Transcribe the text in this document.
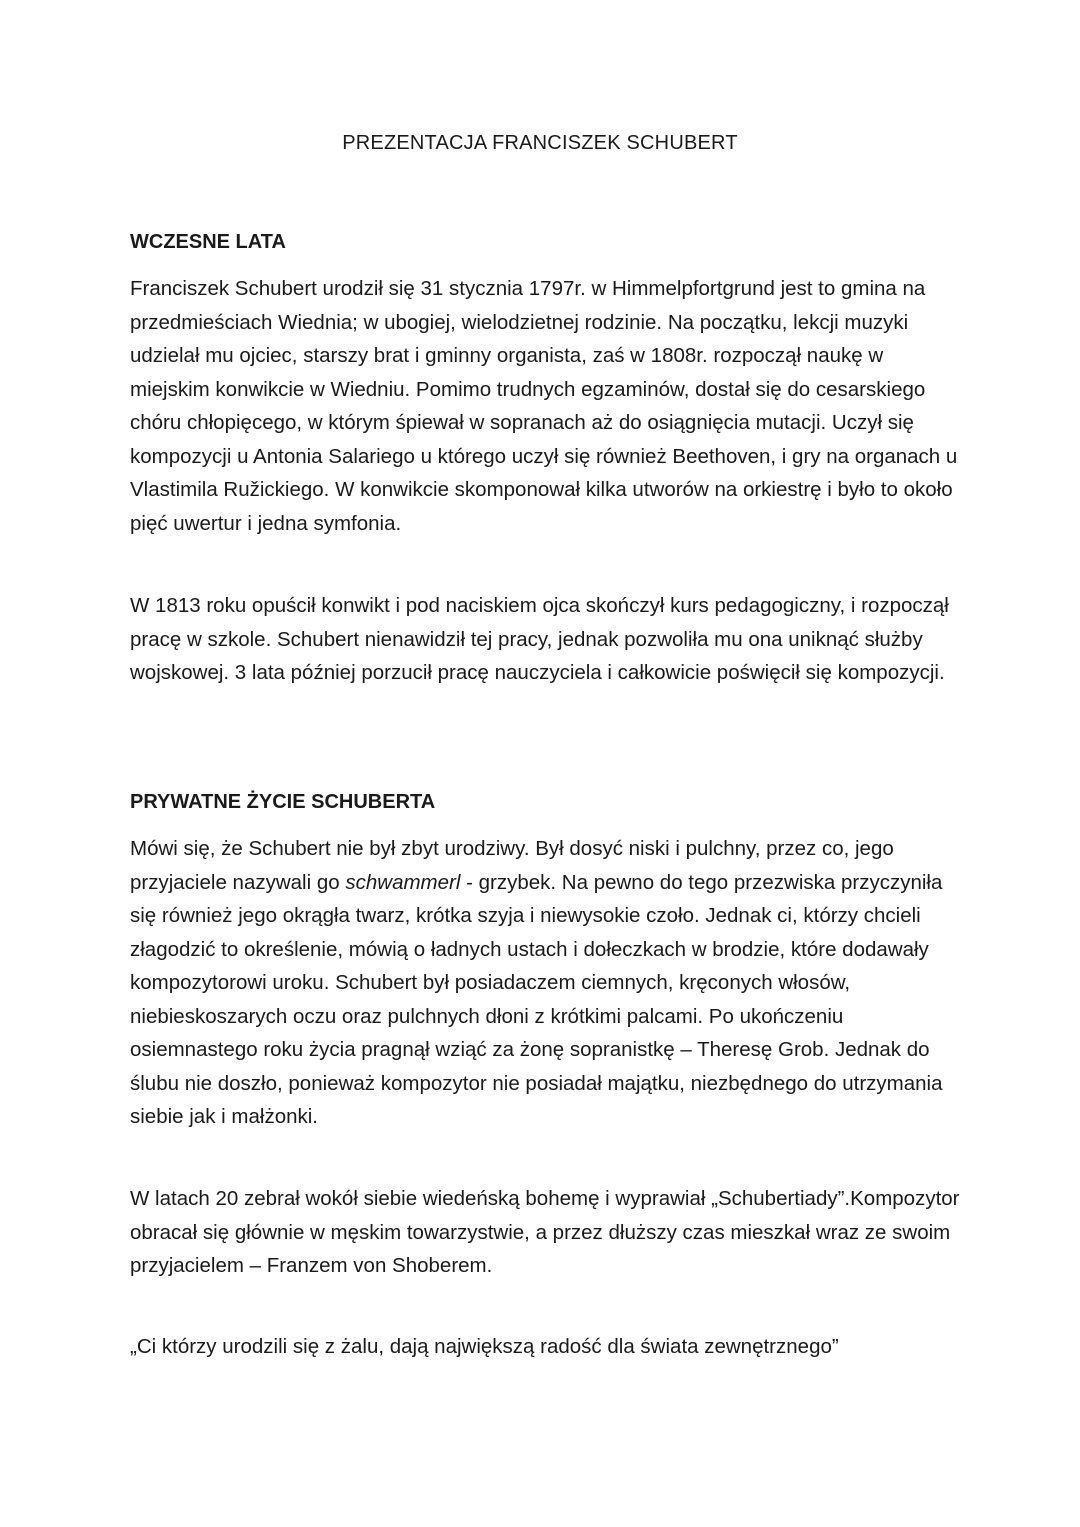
PREZENTACJA FRANCISZEK SCHUBERT
WCZESNE LATA

Franciszek Schubert urodził się 31 stycznia 1797r. w Himmelpfortgrund jest to gmina na przedmieściach Wiednia; w ubogiej, wielodzietnej rodzinie. Na początku, lekcji muzyki udzielał mu ojciec, starszy brat i gminny organista, zaś w 1808r. rozpoczął naukę w miejskim konwikcie w Wiedniu. Pomimo trudnych egzaminów, dostał się do cesarskiego chóru chłopięcego, w którym śpiewał w sopranach aż do osiągnięcia mutacji. Uczył się kompozycji u Antonia Salariego u którego uczył się również Beethoven, i gry na organach u Vlastimila Ružickiego. W konwikcie skomponował kilka utworów na orkiestrę i było to około pięć uwertur i jedna symfonia.

W 1813 roku opuścił konwikt i pod naciskiem ojca skończył kurs pedagogiczny, i rozpoczął pracę w szkole. Schubert nienawidził tej pracy, jednak pozwoliła mu ona uniknąć służby wojskowej. 3 lata później porzucił pracę nauczyciela i całkowicie poświęcił się kompozycji.

PRYWATNE ŻYCIE SCHUBERTA

Mówi się, że Schubert nie był zbyt urodziwy. Był dosyć niski i pulchny, przez co, jego przyjaciele nazywali go schwammerl - grzybek. Na pewno do tego przezwiska przyczyniła się również jego okrągła twarz, krótka szyja i niewysokie czoło. Jednak ci, którzy chcieli złagodzić to określenie, mówią o ładnych ustach i dołeczkach w brodzie, które dodawały kompozytorowi uroku. Schubert był posiadaczem ciemnych, kręconych włosów, niebieskoszarych oczu oraz pulchnych dłoni z krótkimi palcami. Po ukończeniu osiemnastego roku życia pragnął wziąć za żonę sopranistkę – Theresę Grob. Jednak do ślubu nie doszło, ponieważ kompozytor nie posiadał majątku, niezbędnego do utrzymania siebie jak i małżonki.

W latach 20 zebrał wokół siebie wiedeńską bohemę i wyprawiał „Schubertiady”.Kompozytor obracał się głównie w męskim towarzystwie, a przez dłuższy czas mieszkał wraz ze swoim przyjacielem – Franzem von Shoberem.

„Ci którzy urodzili się z żalu, dają największą radość dla świata zewnętrznego”
